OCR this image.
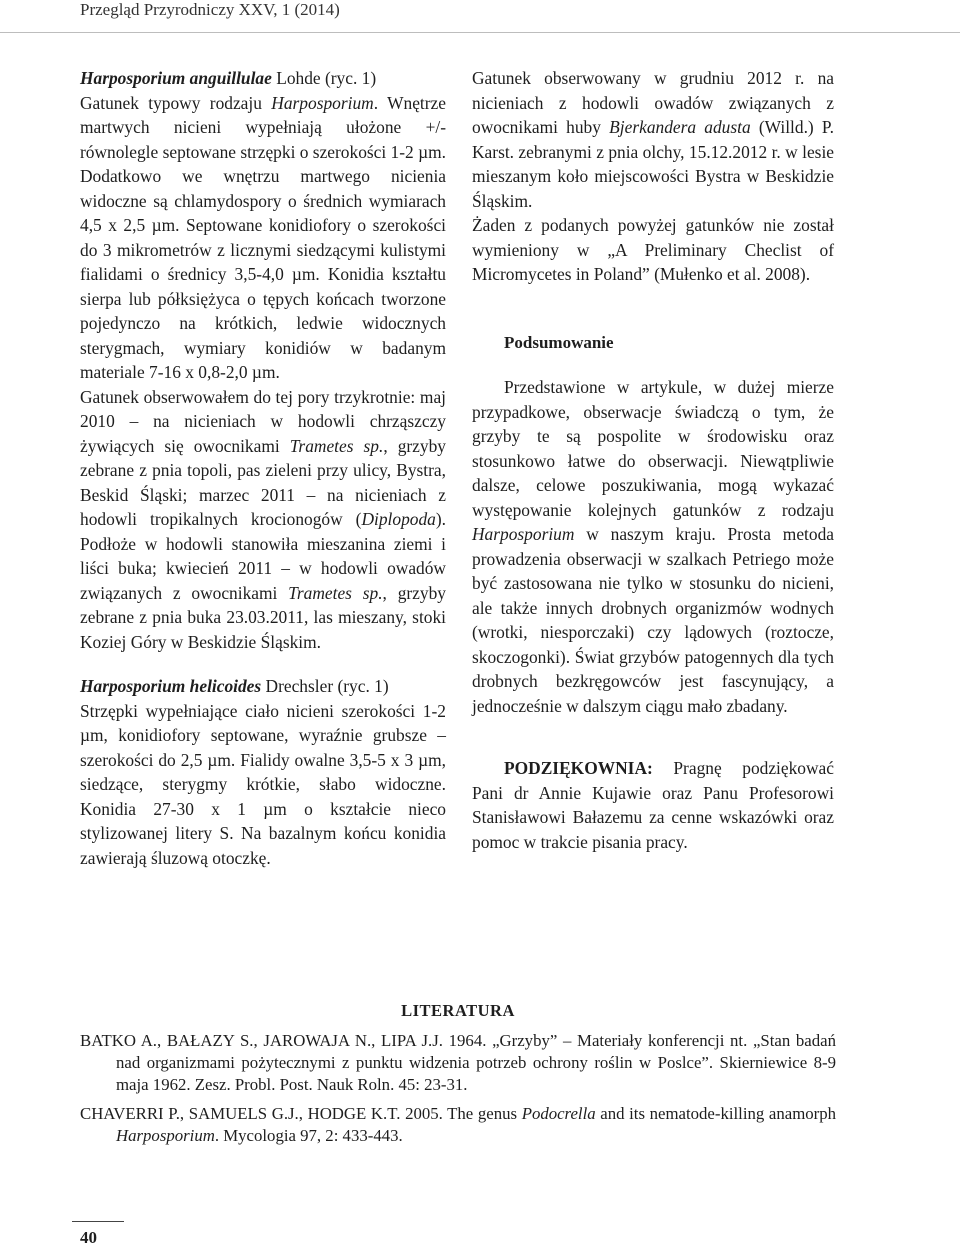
Przegląd Przyrodniczy XXV, 1 (2014)

Harposporium anguillulae Lohde (ryc. 1)

Gatunek typowy rodzaju Harposporium. Wnętrze martwych nicieni wypełniają ułożone +/- równolegle septowane strzępki o szerokości 1-2 µm. Dodatkowo we wnętrzu martwego nicienia widoczne są chlamydospory o średnich wymiarach 4,5 x 2,5 µm. Septowane konidiofory o szerokości do 3 mikrometrów z licznymi siedzącymi kulistymi fialidami o średnicy 3,5-4,0 µm. Konidia kształtu sierpa lub półksiężyca o tępych końcach tworzone pojedynczo na krótkich, ledwie widocznych sterygmach, wymiary konidiów w badanym materiale 7-16 x 0,8-2,0 µm.

Gatunek obserwowałem do tej pory trzykrotnie: maj 2010 – na nicieniach w hodowli chrząszczy żywiących się owocnikami Trametes sp., grzyby zebrane z pnia topoli, pas zieleni przy ulicy, Bystra, Beskid Śląski; marzec 2011 – na nicieniach z hodowli tropikalnych krocionogów (Diplopoda). Podłoże w hodowli stanowiła mieszanina ziemi i liści buka; kwiecień 2011 – w hodowli owadów związanych z owocnikami Trametes sp., grzyby zebrane z pnia buka 23.03.2011, las mieszany, stoki Koziej Góry w Beskidzie Śląskim.

Harposporium helicoides Drechsler (ryc. 1)

Strzępki wypełniające ciało nicieni szerokości 1-2 µm, konidiofory septowane, wyraźnie grubsze – szerokości do 2,5 µm. Fialidy owalne 3,5-5 x 3 µm, siedzące, sterygmy krótkie, słabo widoczne. Konidia 27-30 x 1 µm o kształcie nieco stylizowanej litery S. Na bazalnym końcu konidia zawierają śluzową otoczkę.

Gatunek obserwowany w grudniu 2012 r. na nicieniach z hodowli owadów związanych z owocnikami huby Bjerkandera adusta (Willd.) P. Karst. zebranymi z pnia olchy, 15.12.2012 r. w lesie mieszanym koło miejscowości Bystra w Beskidzie Śląskim.

Żaden z podanych powyżej gatunków nie został wymieniony w „A Preliminary Checlist of Micromycetes in Poland” (Mułenko et al. 2008).

Podsumowanie

Przedstawione w artykule, w dużej mierze przypadkowe, obserwacje świadczą o tym, że grzyby te są pospolite w środowisku oraz stosunkowo łatwe do obserwacji. Niewątpliwie dalsze, celowe poszukiwania, mogą wykazać występowanie kolejnych gatunków z rodzaju Harposporium w naszym kraju. Prosta metoda prowadzenia obserwacji w szalkach Petriego może być zastosowana nie tylko w stosunku do nicieni, ale także innych drobnych organizmów wodnych (wrotki, niesporczaki) czy lądowych (roztocze, skoczogonki). Świat grzybów patogennych dla tych drobnych bezkręgowców jest fascynujący, a jednocześnie w dalszym ciągu mało zbadany.

PODZIĘKOWNIA: Pragnę podziękować Pani dr Annie Kujawie oraz Panu Profesorowi Stanisławowi Bałazemu za cenne wskazówki oraz pomoc w trakcie pisania pracy.

LITERATURA

BATKO A., BAŁAZY S., JAROWAJA N., LIPA J.J. 1964. „Grzyby” – Materiały konferencji nt. „Stan badań nad organizmami pożytecznymi z punktu widzenia potrzeb ochrony roślin w Poslce”. Skierniewice 8-9 maja 1962. Zesz. Probl. Post. Nauk Roln. 45: 23-31.

CHAVERRI P., SAMUELS G.J., HODGE K.T. 2005. The genus Podocrella and its nematode-killing anamorph Harposporium. Mycologia 97, 2: 433-443.

40
